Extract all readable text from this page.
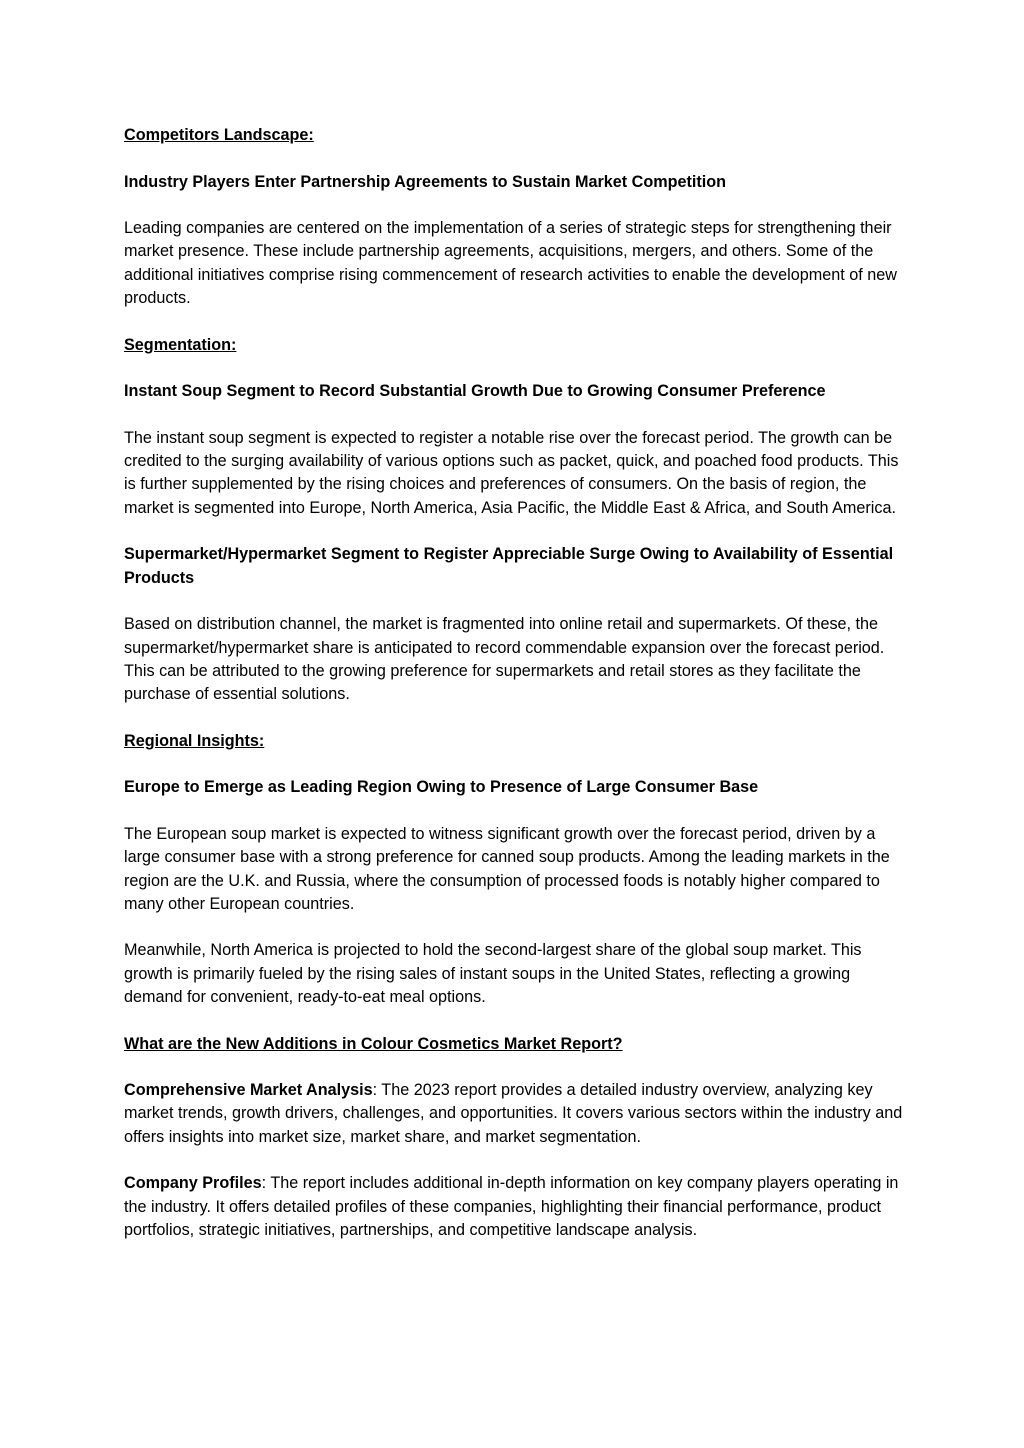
Competitors Landscape:

Industry Players Enter Partnership Agreements to Sustain Market Competition

Leading companies are centered on the implementation of a series of strategic steps for strengthening their market presence. These include partnership agreements, acquisitions, mergers, and others. Some of the additional initiatives comprise rising commencement of research activities to enable the development of new products.

Segmentation:

Instant Soup Segment to Record Substantial Growth Due to Growing Consumer Preference

The instant soup segment is expected to register a notable rise over the forecast period. The growth can be credited to the surging availability of various options such as packet, quick, and poached food products. This is further supplemented by the rising choices and preferences of consumers. On the basis of region, the market is segmented into Europe, North America, Asia Pacific, the Middle East & Africa, and South America.

Supermarket/Hypermarket Segment to Register Appreciable Surge Owing to Availability of Essential Products

Based on distribution channel, the market is fragmented into online retail and supermarkets. Of these, the supermarket/hypermarket share is anticipated to record commendable expansion over the forecast period. This can be attributed to the growing preference for supermarkets and retail stores as they facilitate the purchase of essential solutions.

Regional Insights:

Europe to Emerge as Leading Region Owing to Presence of Large Consumer Base

The European soup market is expected to witness significant growth over the forecast period, driven by a large consumer base with a strong preference for canned soup products. Among the leading markets in the region are the U.K. and Russia, where the consumption of processed foods is notably higher compared to many other European countries.

Meanwhile, North America is projected to hold the second-largest share of the global soup market. This growth is primarily fueled by the rising sales of instant soups in the United States, reflecting a growing demand for convenient, ready-to-eat meal options.

What are the New Additions in Colour Cosmetics Market Report?

Comprehensive Market Analysis: The 2023 report provides a detailed industry overview, analyzing key market trends, growth drivers, challenges, and opportunities. It covers various sectors within the industry and offers insights into market size, market share, and market segmentation.

Company Profiles: The report includes additional in-depth information on key company players operating in the industry. It offers detailed profiles of these companies, highlighting their financial performance, product portfolios, strategic initiatives, partnerships, and competitive landscape analysis.
